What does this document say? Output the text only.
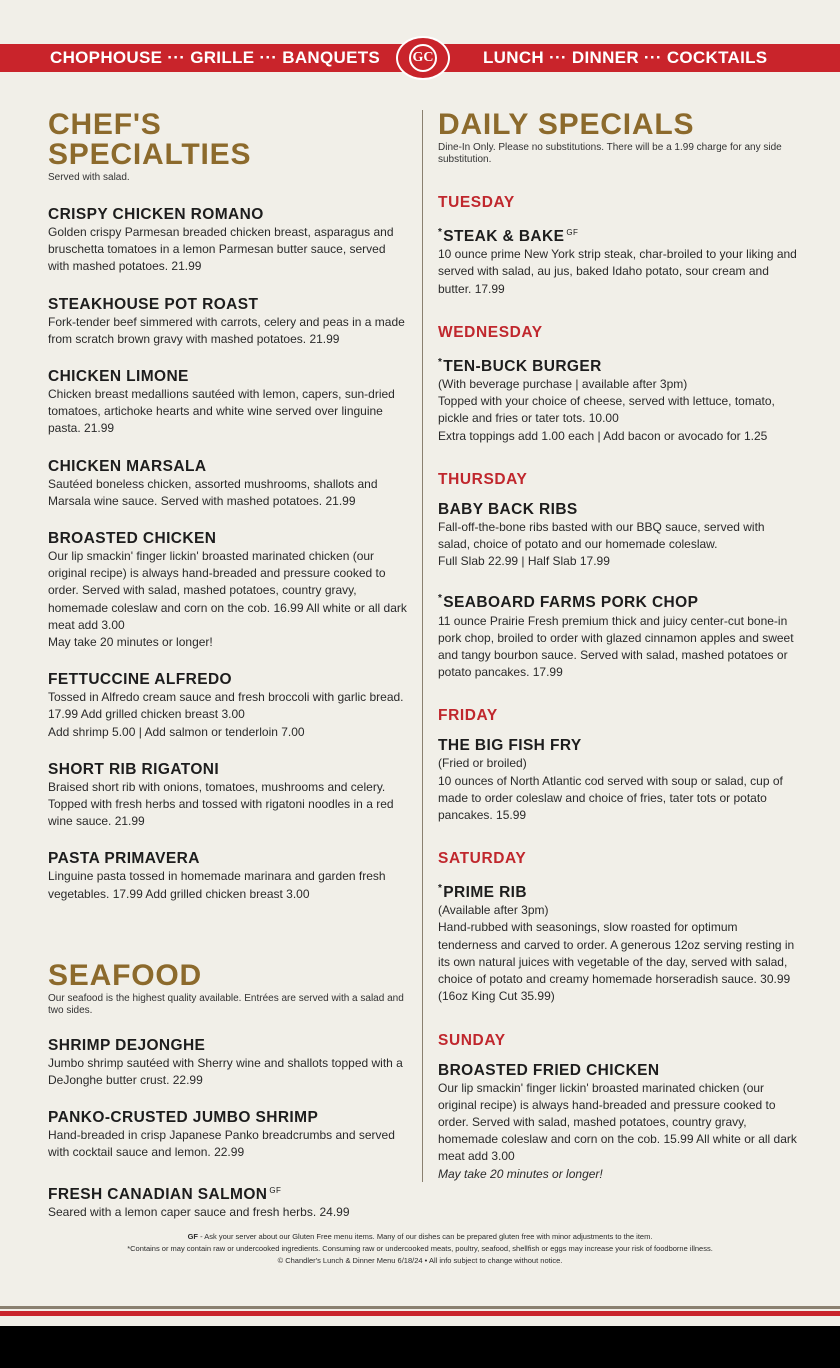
CHOPHOUSE ··· GRILLE ··· BANQUETS	LUNCH ··· DINNER ··· COCKTAILS
GC
CHEF'S SPECIALTIES
Served with salad.
CRISPY CHICKEN ROMANO
Golden crispy Parmesan breaded chicken breast, asparagus and bruschetta tomatoes in a lemon Parmesan butter sauce, served with mashed potatoes. 21.99
STEAKHOUSE POT ROAST
Fork-tender beef simmered with carrots, celery and peas in a made from scratch brown gravy with mashed potatoes. 21.99
CHICKEN LIMONE
Chicken breast medallions sautéed with lemon, capers, sun-dried tomatoes, artichoke hearts and white wine served over linguine pasta. 21.99
CHICKEN MARSALA
Sautéed boneless chicken, assorted mushrooms, shallots and Marsala wine sauce. Served with mashed potatoes. 21.99
BROASTED CHICKEN
Our lip smackin' finger lickin' broasted marinated chicken (our original recipe) is always hand-breaded and pressure cooked to order. Served with salad, mashed potatoes, country gravy, homemade coleslaw and corn on the cob. 16.99 All white or all dark meat add 3.00
May take 20 minutes or longer!
FETTUCCINE ALFREDO
Tossed in Alfredo cream sauce and fresh broccoli with garlic bread. 17.99 Add grilled chicken breast 3.00
Add shrimp 5.00 | Add salmon or tenderloin 7.00
SHORT RIB RIGATONI
Braised short rib with onions, tomatoes, mushrooms and celery. Topped with fresh herbs and tossed with rigatoni noodles in a red wine sauce. 21.99
PASTA PRIMAVERA
Linguine pasta tossed in homemade marinara and garden fresh vegetables. 17.99 Add grilled chicken breast 3.00
SEAFOOD
Our seafood is the highest quality available. Entrées are served with a salad and two sides.
SHRIMP DEJONGHE
Jumbo shrimp sautéed with Sherry wine and shallots topped with a DeJonghe butter crust. 22.99
PANKO-CRUSTED JUMBO SHRIMP
Hand-breaded in crisp Japanese Panko breadcrumbs and served with cocktail sauce and lemon. 22.99
FRESH CANADIAN SALMON $^{GF}$
Seared with a lemon caper sauce and fresh herbs. 24.99
DAILY SPECIALS
Dine-In Only. Please no substitutions. There will be a 1.99 charge for any side substitution.
TUESDAY
*STEAK & BAKE $^{GF}$
10 ounce prime New York strip steak, char-broiled to your liking and served with salad, au jus, baked Idaho potato, sour cream and butter. 17.99
WEDNESDAY
*TEN-BUCK BURGER
(With beverage purchase | available after 3pm)
Topped with your choice of cheese, served with lettuce, tomato, pickle and fries or tater tots. 10.00
Extra toppings add 1.00 each | Add bacon or avocado for 1.25
THURSDAY
BABY BACK RIBS
Fall-off-the-bone ribs basted with our BBQ sauce, served with salad, choice of potato and our homemade coleslaw.
Full Slab 22.99 | Half Slab 17.99
*SEABOARD FARMS PORK CHOP
11 ounce Prairie Fresh premium thick and juicy center-cut bone-in pork chop, broiled to order with glazed cinnamon apples and sweet and tangy bourbon sauce. Served with salad, mashed potatoes or potato pancakes. 17.99
FRIDAY
THE BIG FISH FRY
(Fried or broiled)
10 ounces of North Atlantic cod served with soup or salad, cup of made to order coleslaw and choice of fries, tater tots or potato pancakes. 15.99
SATURDAY
*PRIME RIB
(Available after 3pm)
Hand-rubbed with seasonings, slow roasted for optimum tenderness and carved to order. A generous 12oz serving resting in its own natural juices with vegetable of the day, served with salad, choice of potato and creamy homemade horseradish sauce. 30.99 (16oz King Cut 35.99)
SUNDAY
BROASTED FRIED CHICKEN
Our lip smackin' finger lickin' broasted marinated chicken (our original recipe) is always hand-breaded and pressure cooked to order. Served with salad, mashed potatoes, country gravy, homemade coleslaw and corn on the cob. 15.99 All white or all dark meat add 3.00
May take 20 minutes or longer!
GF - Ask your server about our Gluten Free menu items. Many of our dishes can be prepared gluten free with minor adjustments to the item.
*Contains or may contain raw or undercooked ingredients. Consuming raw or undercooked meats, poultry, seafood, shellfish or eggs may increase your risk of foodborne illness.
© Chandler's Lunch & Dinner Menu 6/18/24 • All info subject to change without notice.
